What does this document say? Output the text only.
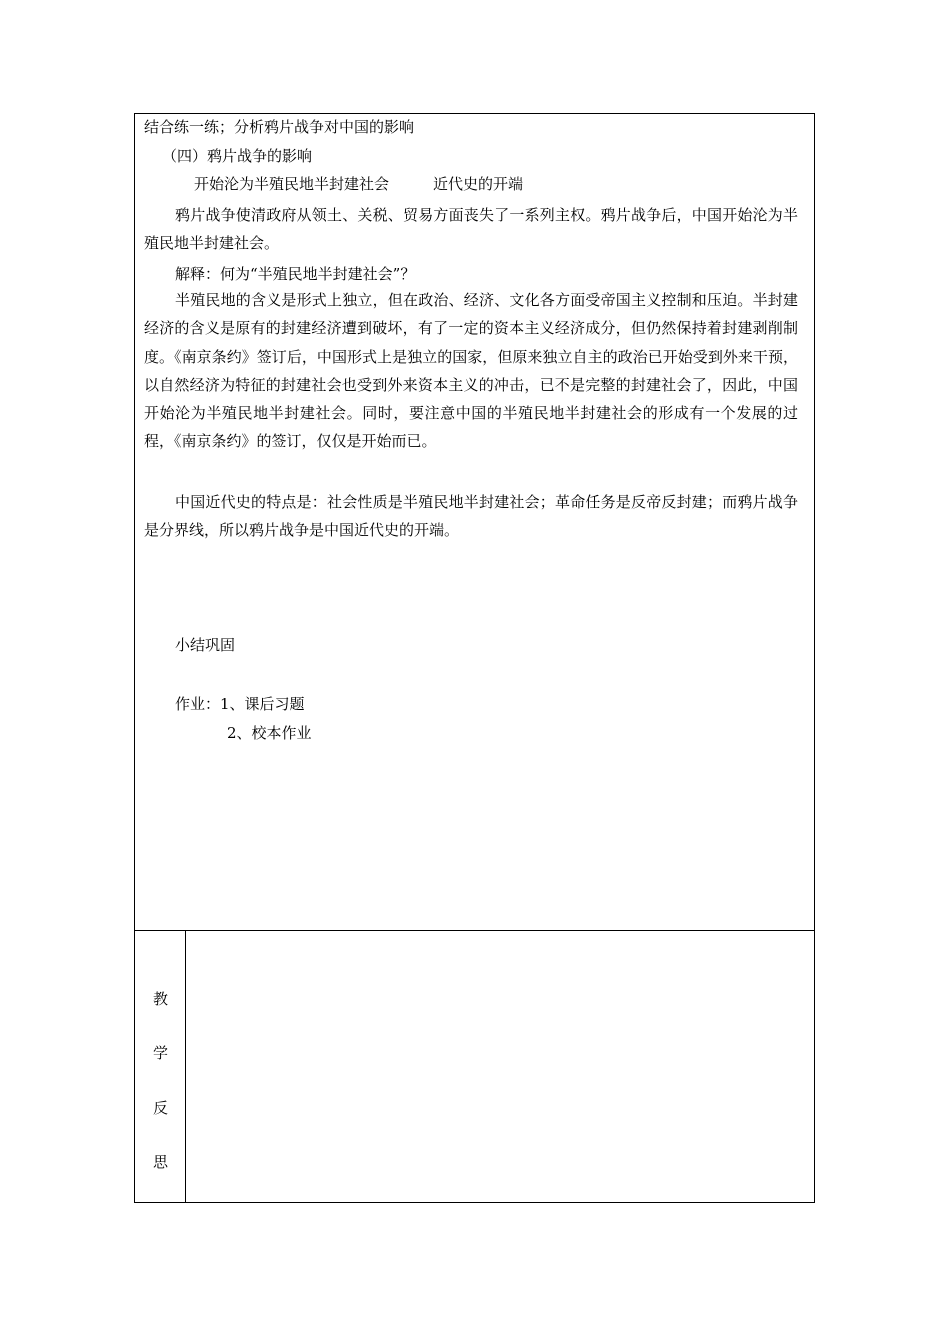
结合练一练；分析鸦片战争对中国的影响
（四）鸦片战争的影响
开始沦为半殖民地半封建社会	近代史的开端
鸦片战争使清政府从领土、关税、贸易方面丧失了一系列主权。鸦片战争后，中国开始沦为半殖民地半封建社会。
解释：何为“半殖民地半封建社会”？
半殖民地的含义是形式上独立，但在政治、经济、文化各方面受帝国主义控制和压迫。半封建经济的含义是原有的封建经济遭到破坏，有了一定的资本主义经济成分，但仍然保持着封建剥削制度。《南京条约》签订后，中国形式上是独立的国家，但原来独立自主的政治已开始受到外来干预，以自然经济为特征的封建社会也受到外来资本主义的冲击，已不是完整的封建社会了，因此，中国开始沦为半殖民地半封建社会。同时，要注意中国的半殖民地半封建社会的形成有一个发展的过程，《南京条约》的签订，仅仅是开始而已。
中国近代史的特点是：社会性质是半殖民地半封建社会；革命任务是反帝反封建；而鸦片战争是分界线，所以鸦片战争是中国近代史的开端。
小结巩固
作业：1、课后习题
2、校本作业
教
学
反
思
